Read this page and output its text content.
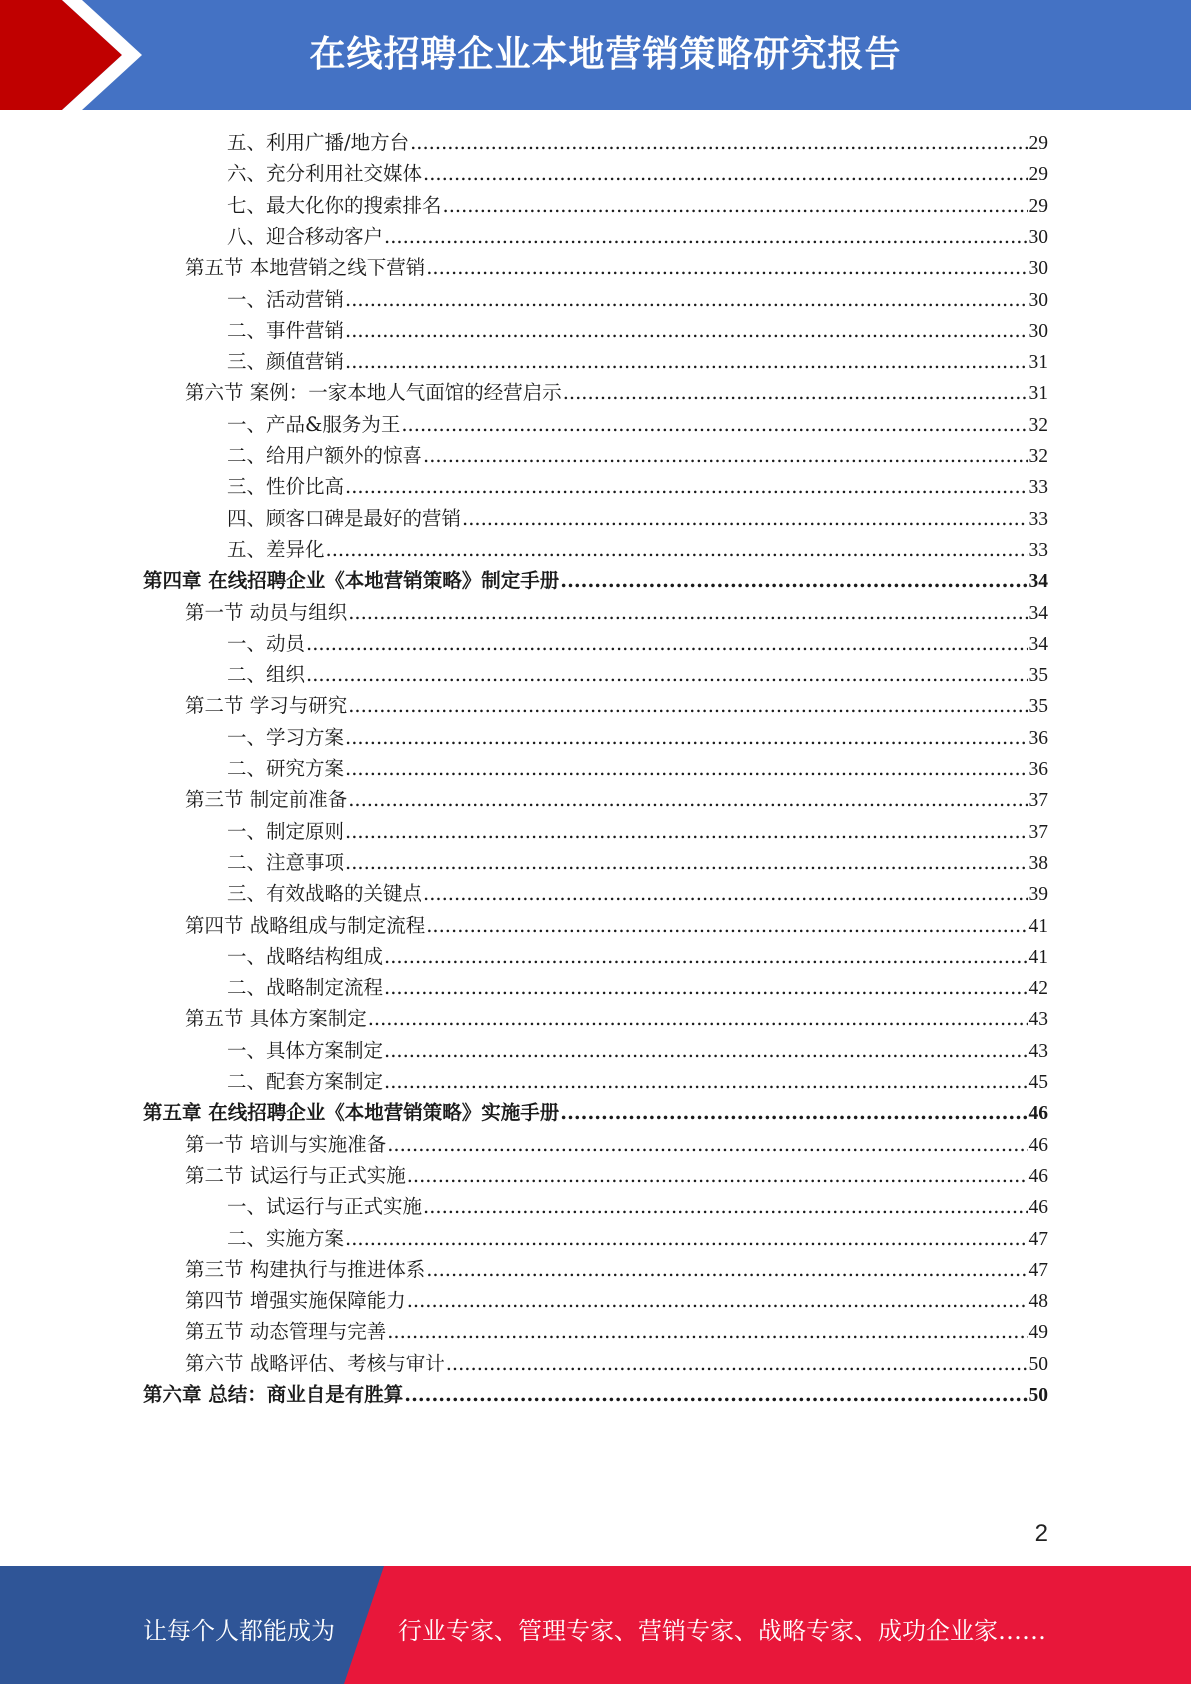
在线招聘企业本地营销策略研究报告
五、利用广播/地方台 .....	29
六、充分利用社交媒体 .....	29
七、最大化你的搜索排名 .....	29
八、迎合移动客户 .....	30
第五节 本地营销之线下营销 .....	30
一、活动营销 .....	30
二、事件营销 .....	30
三、颜值营销 .....	31
第六节 案例：一家本地人气面馆的经营启示 .....	31
一、产品&服务为王 .....	32
二、给用户额外的惊喜 .....	32
三、性价比高 .....	33
四、顾客口碑是最好的营销 .....	33
五、差异化 .....	33
第四章 在线招聘企业《本地营销策略》制定手册 .....	34
第一节 动员与组织 .....	34
一、动员 .....	34
二、组织 .....	35
第二节 学习与研究 .....	35
一、学习方案 .....	36
二、研究方案 .....	36
第三节 制定前准备 .....	37
一、制定原则 .....	37
二、注意事项 .....	38
三、有效战略的关键点 .....	39
第四节 战略组成与制定流程 .....	41
一、战略结构组成 .....	41
二、战略制定流程 .....	42
第五节 具体方案制定 .....	43
一、具体方案制定 .....	43
二、配套方案制定 .....	45
第五章 在线招聘企业《本地营销策略》实施手册 .....	46
第一节 培训与实施准备 .....	46
第二节 试运行与正式实施 .....	46
一、试运行与正式实施 .....	46
二、实施方案 .....	47
第三节 构建执行与推进体系 .....	47
第四节 增强实施保障能力 .....	48
第五节 动态管理与完善 .....	49
第六节 战略评估、考核与审计 .....	50
第六章 总结：商业自是有胜算 .....	50
2
让每个人都能成为	行业专家、管理专家、营销专家、战略专家、成功企业家……
